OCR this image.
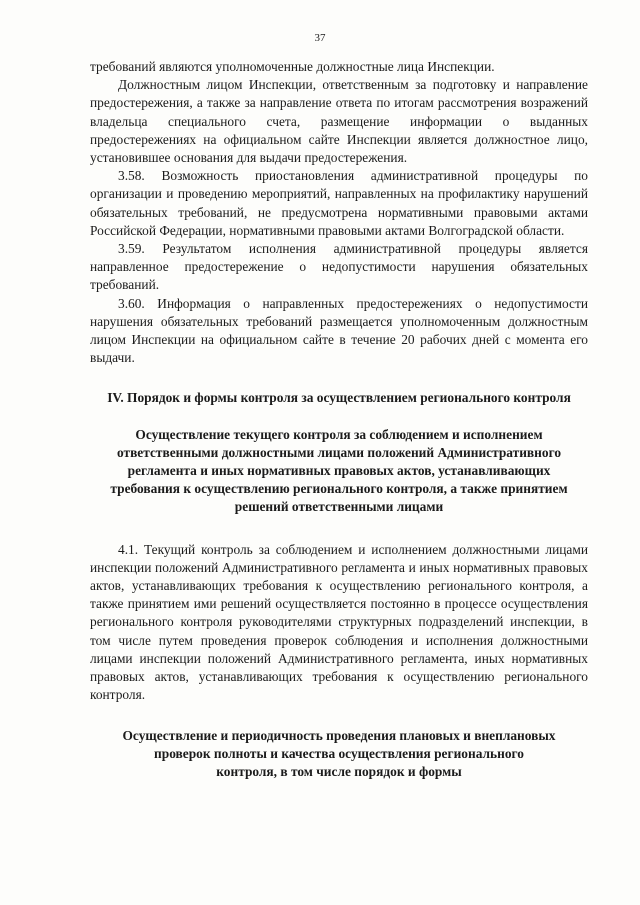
37

требований являются уполномоченные должностные лица Инспекции.

Должностным лицом Инспекции, ответственным за подготовку и направление предостережения, а также за направление ответа по итогам рассмотрения возражений владельца специального счета, размещение информации о выданных предостережениях на официальном сайте Инспекции является должностное лицо, установившее основания для выдачи предостережения.

3.58. Возможность приостановления административной процедуры по организации и проведению мероприятий, направленных на профилактику нарушений обязательных требований, не предусмотрена нормативными правовыми актами Российской Федерации, нормативными правовыми актами Волгоградской области.

3.59. Результатом исполнения административной процедуры является направленное предостережение о недопустимости нарушения обязательных требований.

3.60. Информация о направленных предостережениях о недопустимости нарушения обязательных требований размещается уполномоченным должностным лицом Инспекции на официальном сайте в течение 20 рабочих дней с момента его выдачи.

IV. Порядок и формы контроля за осуществлением регионального контроля
Осуществление текущего контроля за соблюдением и исполнением ответственными должностными лицами положений Административного регламента и иных нормативных правовых актов, устанавливающих требования к осуществлению регионального контроля, а также принятием решений ответственными лицами

4.1. Текущий контроль за соблюдением и исполнением должностными лицами инспекции положений Административного регламента и иных нормативных правовых актов, устанавливающих требования к осуществлению регионального контроля, а также принятием ими решений осуществляется постоянно в процессе осуществления регионального контроля руководителями структурных подразделений инспекции, в том числе путем проведения проверок соблюдения и исполнения должностными лицами инспекции положений Административного регламента, иных нормативных правовых актов, устанавливающих требования к осуществлению регионального контроля.

Осуществление и периодичность проведения плановых и внеплановых проверок полноты и качества осуществления регионального контроля, в том числе порядок и формы
